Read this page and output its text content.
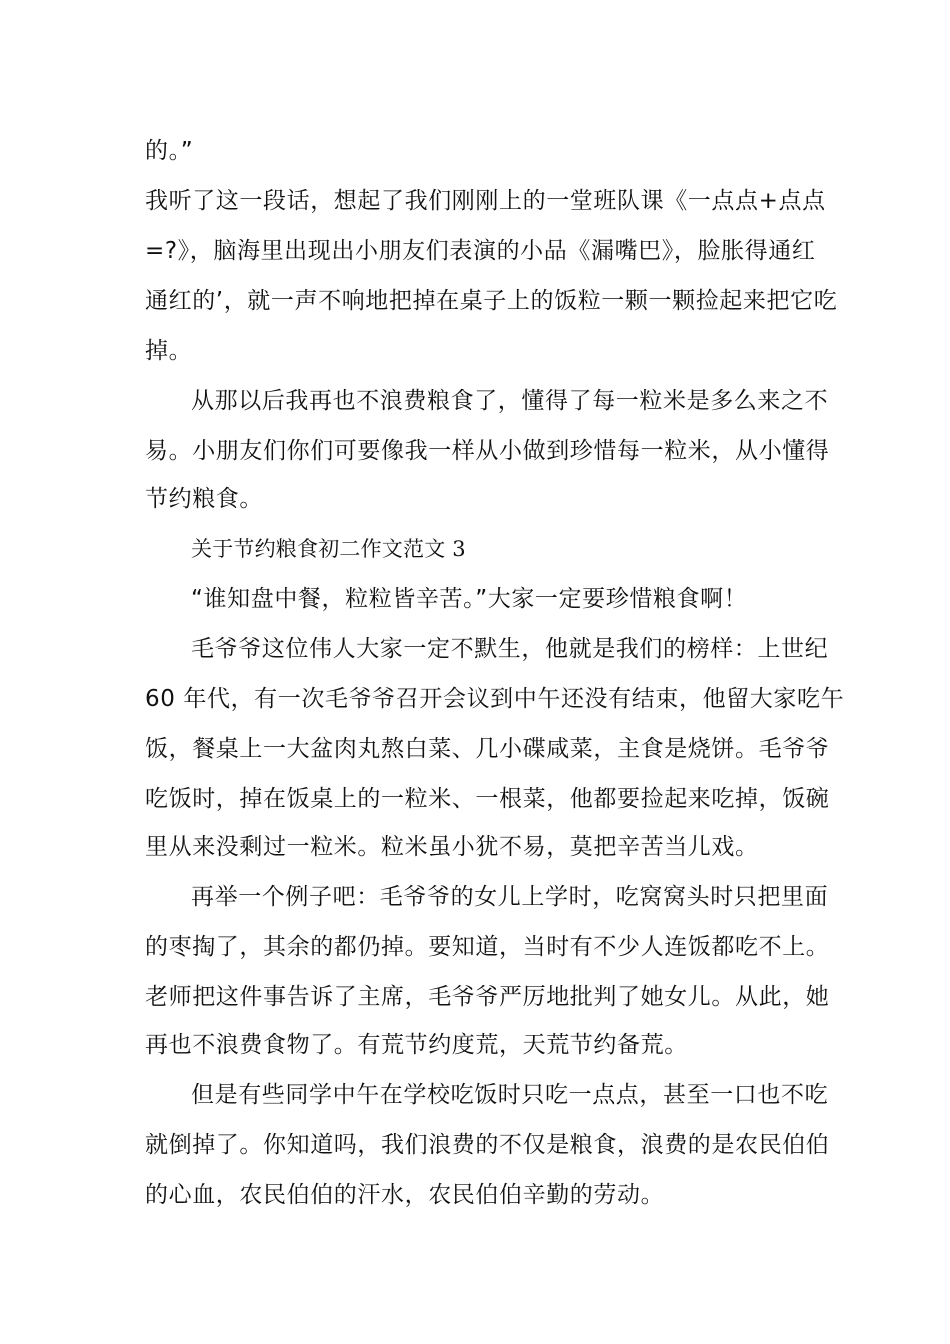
的。”

我听了这一段话，想起了我们刚刚上的一堂班队课《一点点+点点

=?》，脑海里出现出小朋友们表演的小品《漏嘴巴》，脸胀得通红

通红的’，就一声不响地把掉在桌子上的饭粒一颗一颗捡起来把它吃

掉。

从那以后我再也不浪费粮食了，懂得了每一粒米是多么来之不

易。小朋友们你们可要像我一样从小做到珍惜每一粒米，从小懂得

节约粮食。

关于节约粮食初二作文范文 3

“谁知盘中餐，粒粒皆辛苦。”大家一定要珍惜粮食啊！

毛爷爷这位伟人大家一定不默生，他就是我们的榜样：上世纪

60 年代，有一次毛爷爷召开会议到中午还没有结束，他留大家吃午

饭，餐桌上一大盆肉丸熬白菜、几小碟咸菜，主食是烧饼。毛爷爷

吃饭时，掉在饭桌上的一粒米、一根菜，他都要捡起来吃掉，饭碗

里从来没剩过一粒米。粒米虽小犹不易，莫把辛苦当儿戏。

再举一个例子吧：毛爷爷的女儿上学时，吃窝窝头时只把里面

的枣掏了，其余的都仍掉。要知道，当时有不少人连饭都吃不上。

老师把这件事告诉了主席，毛爷爷严厉地批判了她女儿。从此，她

再也不浪费食物了。有荒节约度荒，天荒节约备荒。

但是有些同学中午在学校吃饭时只吃一点点，甚至一口也不吃

就倒掉了。你知道吗，我们浪费的不仅是粮食，浪费的是农民伯伯

的心血，农民伯伯的汗水，农民伯伯辛勤的劳动。
